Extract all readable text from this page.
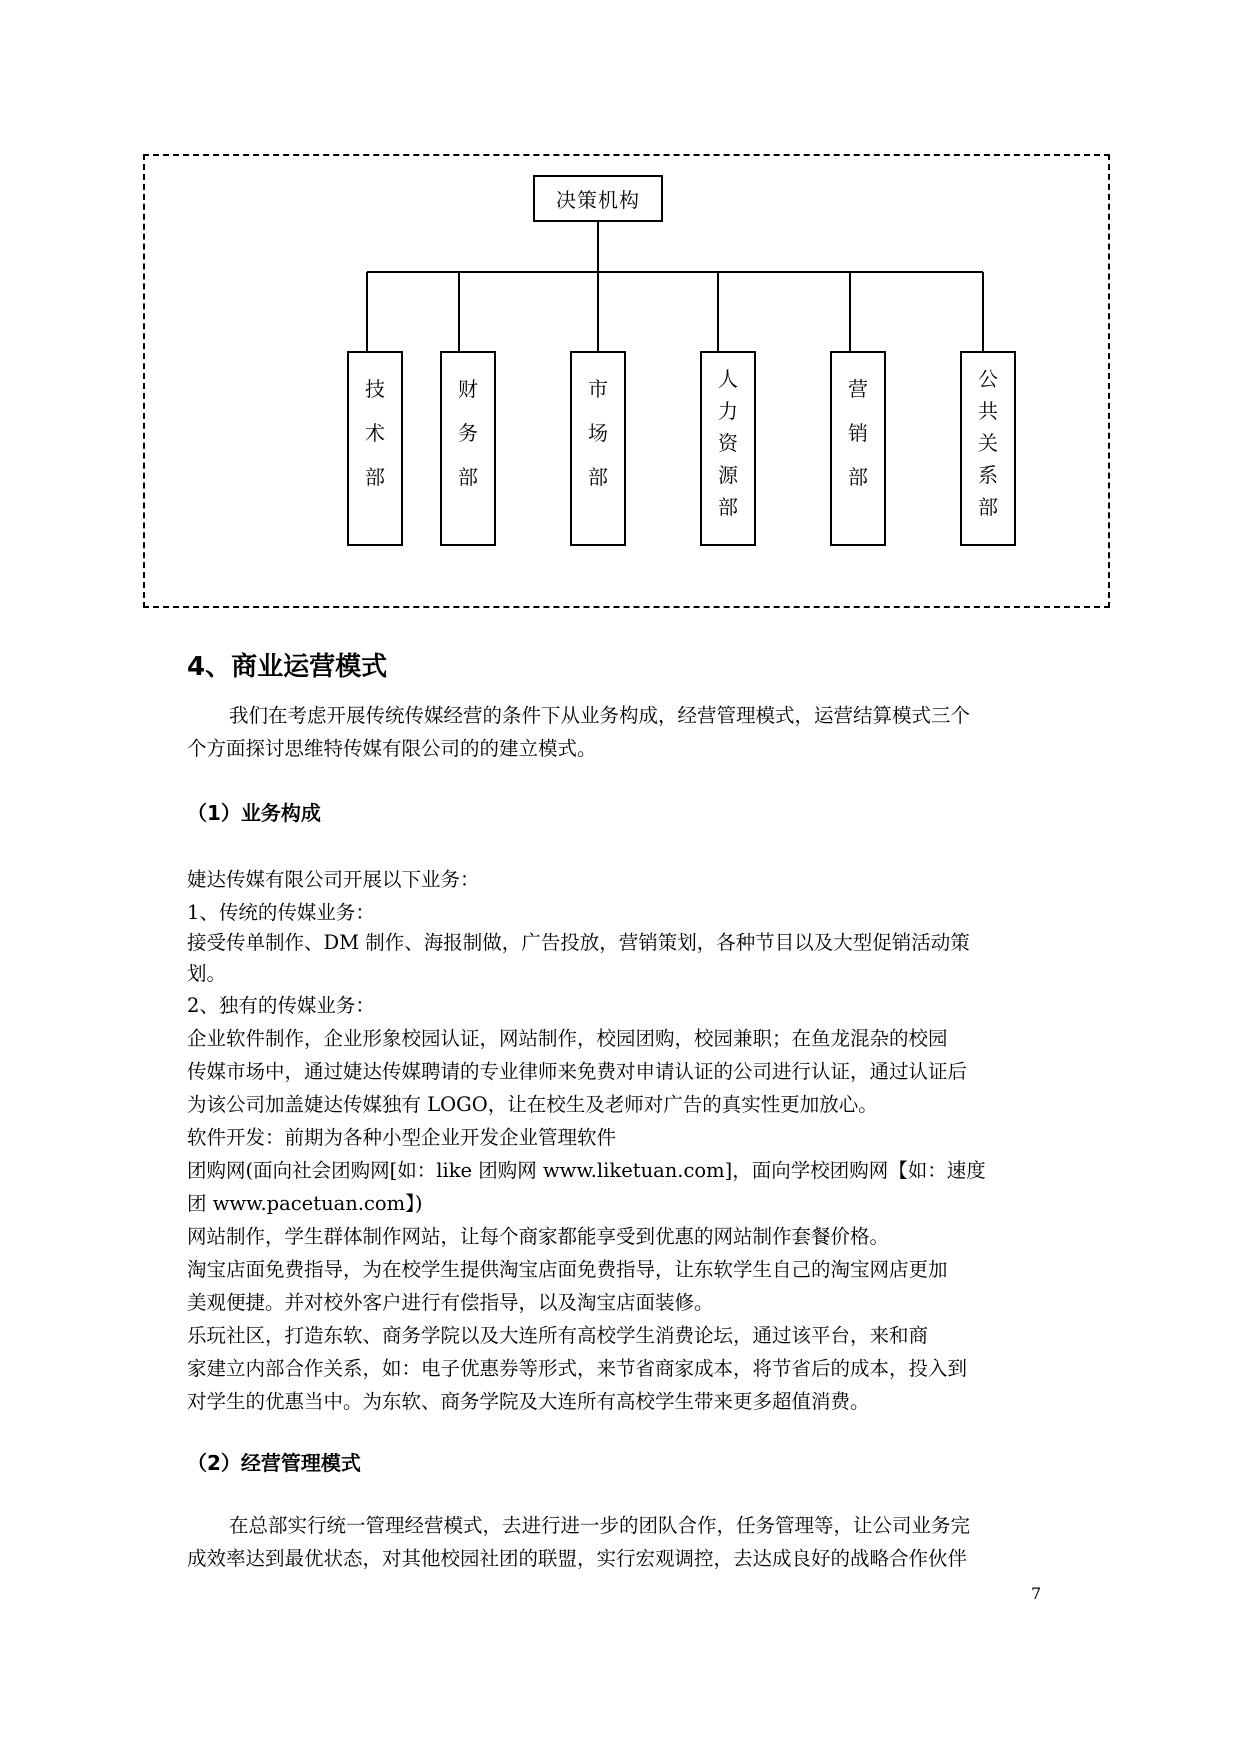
决策机构
技
术
部
财
务
部
市
场
部
人
力
资
源
部
营
销
部
公
共
关
系
部
4、商业运营模式
我们在考虑开展传统传媒经营的条件下从业务构成，经营管理模式，运营结算模式三个
个方面探讨思维特传媒有限公司的的建立模式。
（1）业务构成
婕达传媒有限公司开展以下业务：
1、传统的传媒业务：
接受传单制作、DM 制作、海报制做，广告投放，营销策划，各种节目以及大型促销活动策
划。
2、独有的传媒业务：
企业软件制作，企业形象校园认证，网站制作，校园团购，校园兼职；在鱼龙混杂的校园
传媒市场中，通过婕达传媒聘请的专业律师来免费对申请认证的公司进行认证，通过认证后
为该公司加盖婕达传媒独有 LOGO，让在校生及老师对广告的真实性更加放心。
软件开发：前期为各种小型企业开发企业管理软件
团购网(面向社会团购网[如：like 团购网 www.liketuan.com]，面向学校团购网【如：速度
团 www.pacetuan.com】)
网站制作，学生群体制作网站，让每个商家都能享受到优惠的网站制作套餐价格。
淘宝店面免费指导，为在校学生提供淘宝店面免费指导，让东软学生自己的淘宝网店更加
美观便捷。并对校外客户进行有偿指导，以及淘宝店面装修。
乐玩社区，打造东软、商务学院以及大连所有高校学生消费论坛，通过该平台，来和商
家建立内部合作关系，如：电子优惠券等形式，来节省商家成本，将节省后的成本，投入到
对学生的优惠当中。为东软、商务学院及大连所有高校学生带来更多超值消费。
（2）经营管理模式
在总部实行统一管理经营模式，去进行进一步的团队合作，任务管理等，让公司业务完
成效率达到最优状态，对其他校园社团的联盟，实行宏观调控，去达成良好的战略合作伙伴
7
